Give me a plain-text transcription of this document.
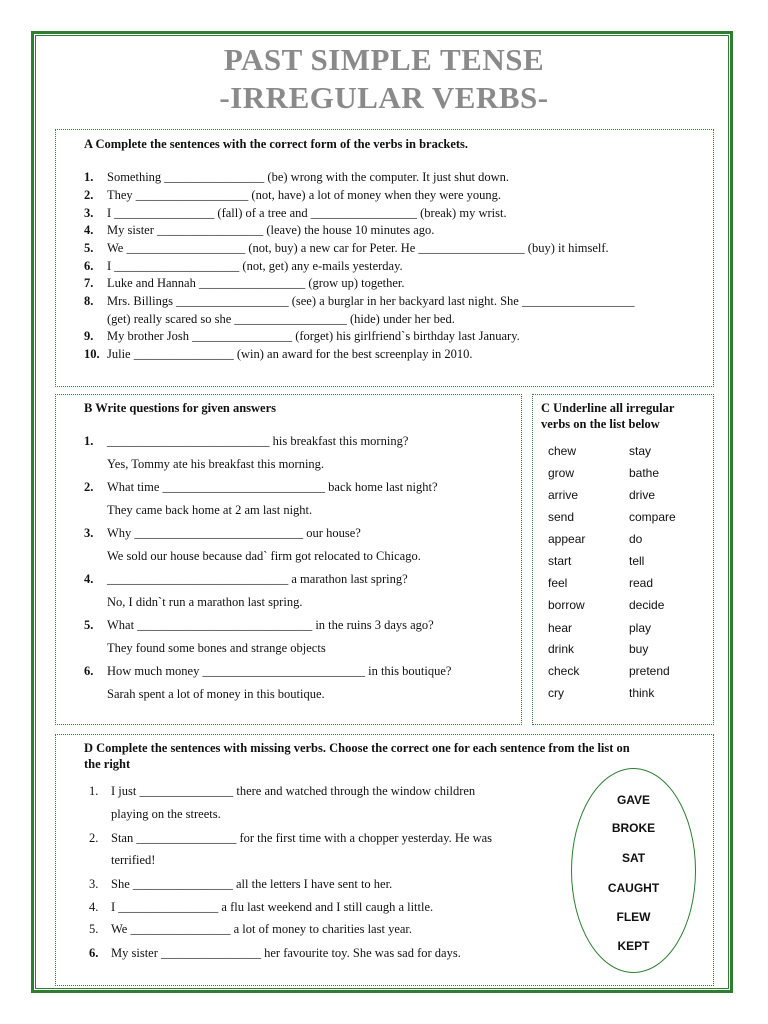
PAST SIMPLE TENSE
-IRREGULAR VERBS-
A Complete the sentences with the correct form of the verbs in brackets.
1. Something ________________ (be) wrong with the computer. It just shut down.
2. They __________________ (not, have) a lot of money when they were young.
3. I ________________ (fall) of a tree and _________________ (break) my wrist.
4. My sister _________________ (leave) the house 10 minutes ago.
5. We ___________________ (not, buy) a new car for Peter. He _________________ (buy) it himself.
6. I ____________________ (not, get) any e-mails yesterday.
7. Luke and Hannah _________________ (grow up) together.
8. Mrs. Billings __________________ (see) a burglar in her backyard last night. She __________________
(get) really scared so she __________________ (hide) under her bed.
9. My brother Josh ________________ (forget) his girlfriend`s birthday last January.
10. Julie ________________ (win) an award for the best screenplay in 2010.
B Write questions for given answers
1. __________________________ his breakfast this morning?
Yes, Tommy ate his breakfast this morning.
2. What time __________________________ back home last night?
They came back home at 2 am last night.
3. Why ___________________________ our house?
We sold our house because dad` firm got relocated to Chicago.
4. _____________________________ a marathon last spring?
No, I didn`t run a marathon last spring.
5. What ____________________________ in the ruins 3 days ago?
They found some bones and strange objects
6. How much money __________________________ in this boutique?
Sarah spent a lot of money in this boutique.
C Underline all irregular
verbs on the list below
chew
grow
arrive
send
appear
start
feel
borrow
hear
drink
check
cry
stay
bathe
drive
compare
do
tell
read
decide
play
buy
pretend
think
D Complete the sentences with missing verbs. Choose the correct one for each sentence from the list on
the right
1. I just _______________ there and watched through the window children
playing on the streets.
2. Stan ________________ for the first time with a chopper yesterday. He was
terrified!
3. She ________________ all the letters I have sent to her.
4. I ________________ a flu last weekend and I still caugh a little.
5. We ________________ a lot of money to charities last year.
6. My sister ________________ her favourite toy. She was sad for days.
GAVE
BROKE
SAT
CAUGHT
FLEW
KEPT
